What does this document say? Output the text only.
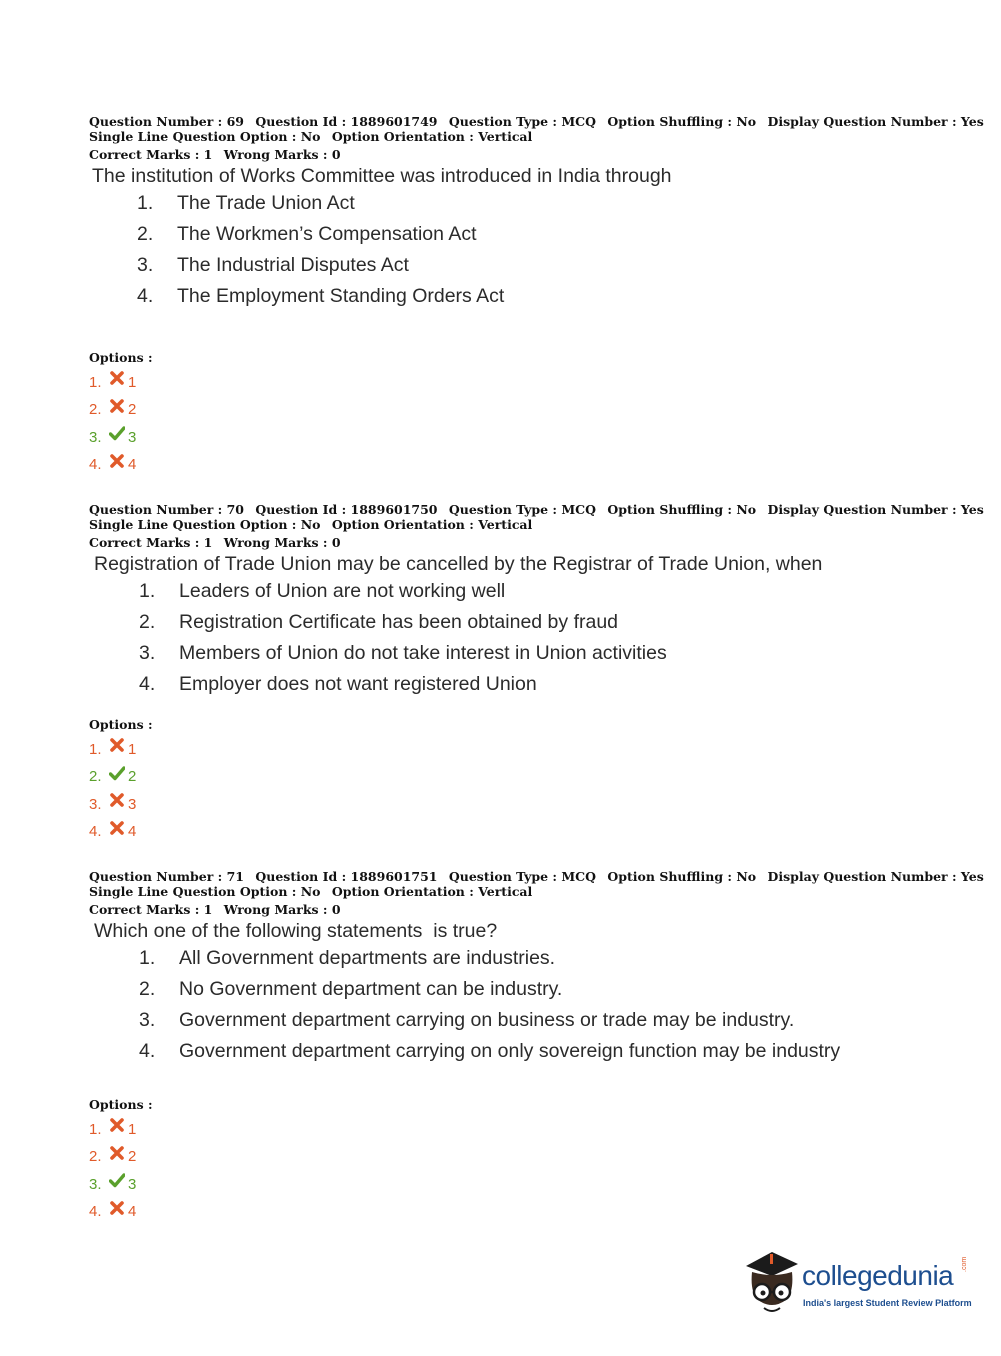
Question Number : 69 Question Id : 1889601749 Question Type : MCQ Option Shuffling : No Display Question Number : Yes
Single Line Question Option : No Option Orientation : Vertical
Correct Marks : 1 Wrong Marks : 0
The institution of Works Committee was introduced in India through
1.	The Trade Union Act
2.	The Workmen’s Compensation Act
3.	The Industrial Disputes Act
4.	The Employment Standing Orders Act
Options :
1.	1
2.	2
3.	3
4.	4
Question Number : 70 Question Id : 1889601750 Question Type : MCQ Option Shuffling : No Display Question Number : Yes
Single Line Question Option : No Option Orientation : Vertical
Correct Marks : 1 Wrong Marks : 0
Registration of Trade Union may be cancelled by the Registrar of Trade Union, when
1.	Leaders of Union are not working well
2.	Registration Certificate has been obtained by fraud
3.	Members of Union do not take interest in Union activities
4.	Employer does not want registered Union
Options :
1.	1
2.	2
3.	3
4.	4
Question Number : 71 Question Id : 1889601751 Question Type : MCQ Option Shuffling : No Display Question Number : Yes
Single Line Question Option : No Option Orientation : Vertical
Correct Marks : 1 Wrong Marks : 0
Which one of the following statements  is true?
1.	All Government departments are industries.
2.	No Government department can be industry.
3.	Government department carrying on business or trade may be industry.
4.	Government department carrying on only sovereign function may be industry
Options :
1.	1
2.	2
3.	3
4.	4
collegedunia .com
India's largest Student Review Platform
